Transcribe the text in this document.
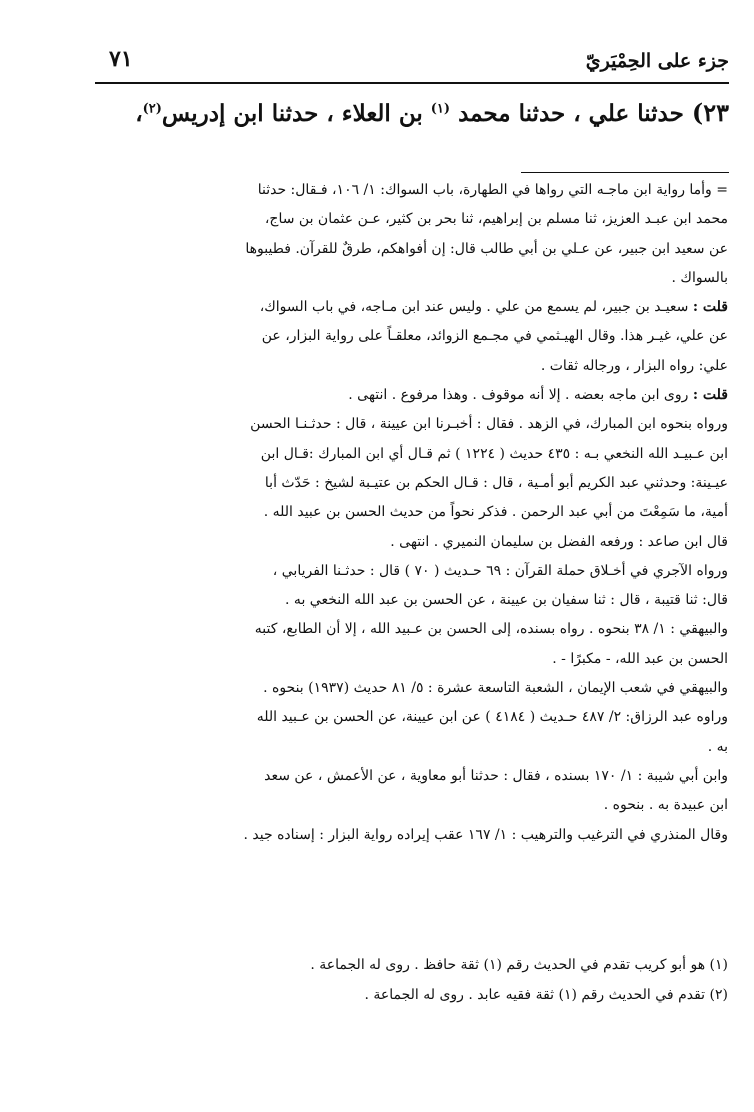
جزء على الحِمْيَريّ
٧١
٢٣) حدثنا علي ، حدثنا محمد $^{(١)}$ بن العلاء ، حدثنا ابن إدريس$^{(٢)}$،

= وأما رواية ابن ماجـه التي رواها في الطهارة، باب السواك: ١/ ١٠٦، فـقال: حدثنا

محمد ابن عبـد العزيز، ثنا مسلم بن إبراهيم، ثنا بحر بن كثير، عـن عثمان بن ساج،

عن سعيد ابن جبير، عن عـلي بن أبي طالب قال: إن أفواهكم، طرقٌ للقرآن. فطيبوها

بالسواك .

قلت : سعيـد بن جبير، لم يسمع من علي . وليس عند ابن مـاجه، في باب السواك،

عن علي، غيـر هذا. وقال الهيـثمي في مجـمع الزوائد، معلقـاً على رواية البزار، عن

علي: رواه البزار ، ورجاله ثقات .

قلت : روى ابن ماجه بعضه . إلا أنه موقوف . وهذا مرفوع . انتهى .

ورواه بنحوه ابن المبارك، في الزهد . فقال : أخبـرنا ابن عيينة ، قال : حدثـنـا الحسن

ابن عـبيـد الله النخعي بـه : ٤٣٥ حديث ( ١٢٢٤ ) ثم قـال أي ابن المبارك :قـال ابن

عيـينة: وحدثني عبد الكريم أبو أمـية ، قال : قـال الحكم بن عتيـبة لشيخ : حَدّث أبا

أمية، ما سَمِعْتَ من أبي عبد الرحمن . فذكر نحواً من حديث الحسن بن عبيد الله .

قال ابن صاعد : ورفعه الفضل بن سليمان النميري . انتهى .

ورواه الآجري في أخـلاق حملة القرآن : ٦٩ حـديث ( ٧٠ ) قال : حدثـنا الفريابي ،

قال: ثنا قتيبة ، قال : ثنا سفيان بن عيينة ، عن الحسن بن عبد الله النخعي به .

والبيهقي : ١/ ٣٨ بنحوه . رواه بسنده، إلى الحسن بن عـبيد الله ، إلا أن الطابع، كتبه

الحسن بن عبد الله، - مكبرًا - .

والبيهقي في شعب الإيمان ، الشعبة التاسعة عشرة : ٥/ ٨١ حديث (١٩٣٧) بنحوه .

وراوه عبد الرزاق: ٢/ ٤٨٧ حـديث ( ٤١٨٤ ) عن ابن عيينة، عن الحسن بن عـبيد الله

به .

وابن أبي شيبة : ١/ ١٧٠ بسنده ، فقال : حدثنا أبو معاوية ، عن الأعمش ، عن سعد

ابن عبيدة به . بنحوه .

وقال المنذري في الترغيب والترهيب : ١/ ١٦٧ عقب إيراده رواية البزار : إسناده جيد .

(١) هو أبو كريب تقدم في الحديث رقم (١) ثقة حافظ . روى له الجماعة .

(٢) تقدم في الحديث رقم (١) ثقة فقيه عابد . روى له الجماعة .
